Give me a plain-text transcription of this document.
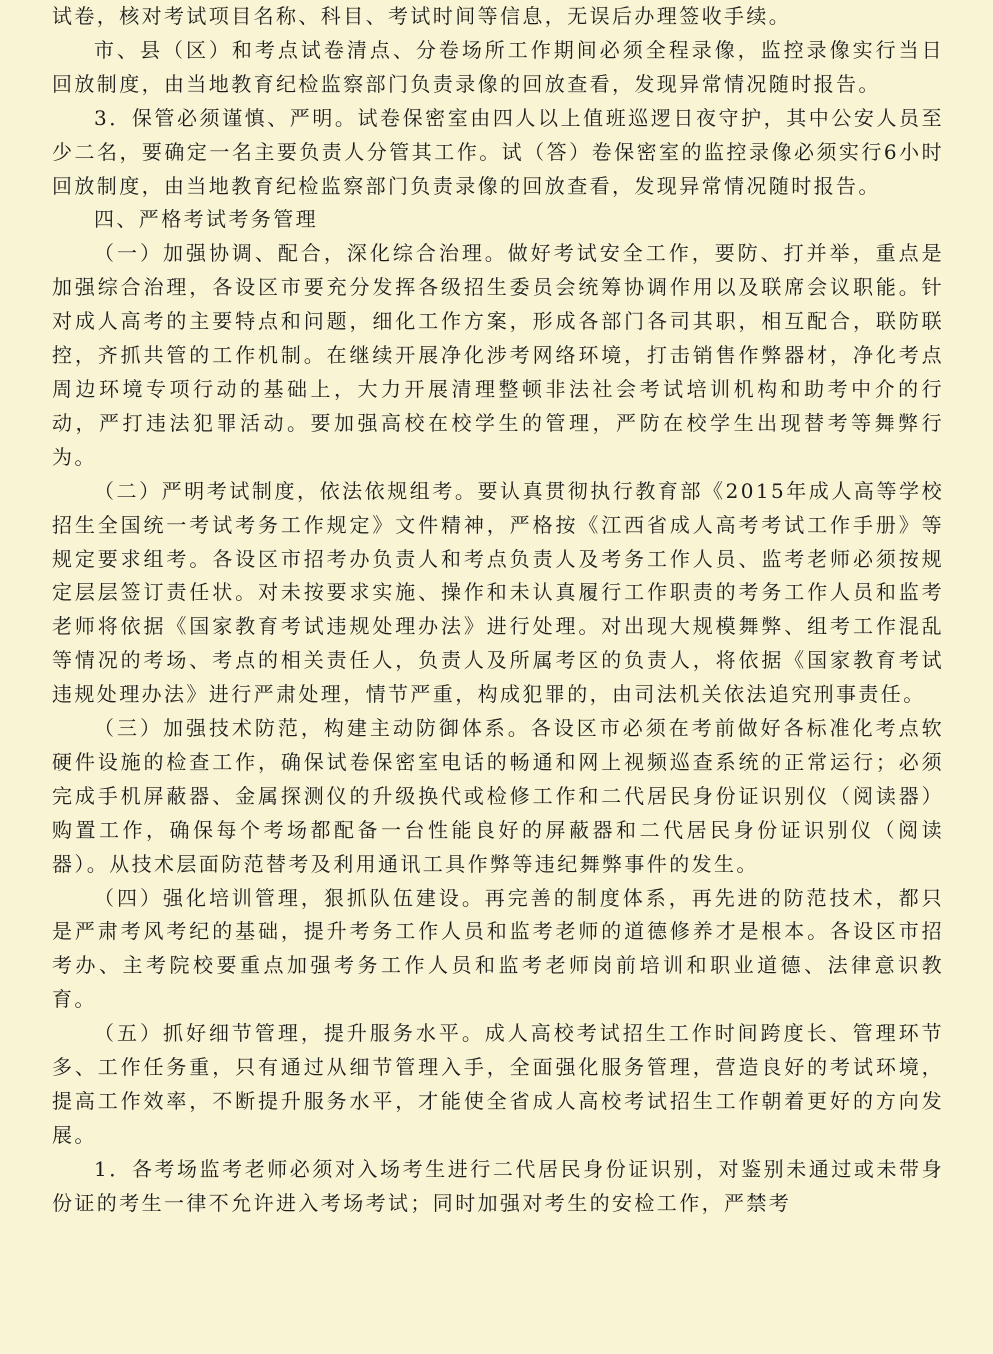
试卷，核对考试项目名称、科目、考试时间等信息，无误后办理签收手续。

市、县（区）和考点试卷清点、分卷场所工作期间必须全程录像，监控录像实行当日回放制度，由当地教育纪检监察部门负责录像的回放查看，发现异常情况随时报告。

3．保管必须谨慎、严明。试卷保密室由四人以上值班巡逻日夜守护，其中公安人员至少二名，要确定一名主要负责人分管其工作。试（答）卷保密室的监控录像必须实行6小时回放制度，由当地教育纪检监察部门负责录像的回放查看，发现异常情况随时报告。

四、严格考试考务管理

（一）加强协调、配合，深化综合治理。做好考试安全工作，要防、打并举，重点是加强综合治理，各设区市要充分发挥各级招生委员会统筹协调作用以及联席会议职能。针对成人高考的主要特点和问题，细化工作方案，形成各部门各司其职，相互配合，联防联控，齐抓共管的工作机制。在继续开展净化涉考网络环境，打击销售作弊器材，净化考点周边环境专项行动的基础上，大力开展清理整顿非法社会考试培训机构和助考中介的行动，严打违法犯罪活动。要加强高校在校学生的管理，严防在校学生出现替考等舞弊行为。

（二）严明考试制度，依法依规组考。要认真贯彻执行教育部《2015年成人高等学校招生全国统一考试考务工作规定》文件精神，严格按《江西省成人高考考试工作手册》等规定要求组考。各设区市招考办负责人和考点负责人及考务工作人员、监考老师必须按规定层层签订责任状。对未按要求实施、操作和未认真履行工作职责的考务工作人员和监考老师将依据《国家教育考试违规处理办法》进行处理。对出现大规模舞弊、组考工作混乱等情况的考场、考点的相关责任人，负责人及所属考区的负责人，将依据《国家教育考试违规处理办法》进行严肃处理，情节严重，构成犯罪的，由司法机关依法追究刑事责任。

（三）加强技术防范，构建主动防御体系。各设区市必须在考前做好各标准化考点软硬件设施的检查工作，确保试卷保密室电话的畅通和网上视频巡查系统的正常运行；必须完成手机屏蔽器、金属探测仪的升级换代或检修工作和二代居民身份证识别仪（阅读器）购置工作，确保每个考场都配备一台性能良好的屏蔽器和二代居民身份证识别仪（阅读器）。从技术层面防范替考及利用通讯工具作弊等违纪舞弊事件的发生。

（四）强化培训管理，狠抓队伍建设。再完善的制度体系，再先进的防范技术，都只是严肃考风考纪的基础，提升考务工作人员和监考老师的道德修养才是根本。各设区市招考办、主考院校要重点加强考务工作人员和监考老师岗前培训和职业道德、法律意识教育。

（五）抓好细节管理，提升服务水平。成人高校考试招生工作时间跨度长、管理环节多、工作任务重，只有通过从细节管理入手，全面强化服务管理，营造良好的考试环境，提高工作效率，不断提升服务水平，才能使全省成人高校考试招生工作朝着更好的方向发展。

1．各考场监考老师必须对入场考生进行二代居民身份证识别，对鉴别未通过或未带身份证的考生一律不允许进入考场考试；同时加强对考生的安检工作，严禁考
